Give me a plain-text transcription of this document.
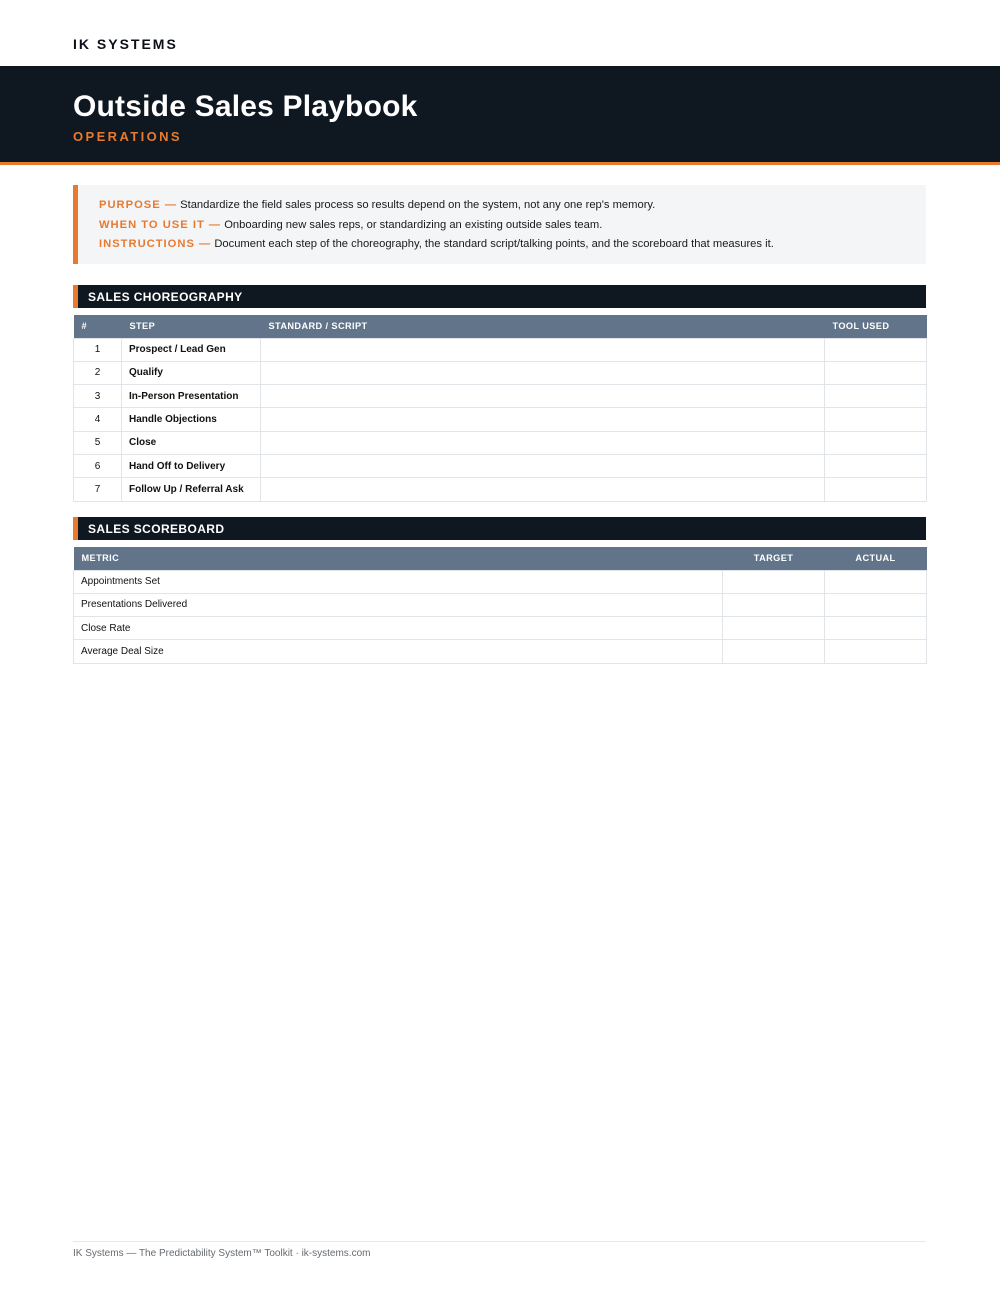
IK SYSTEMS
Outside Sales Playbook
OPERATIONS
PURPOSE — Standardize the field sales process so results depend on the system, not any one rep's memory.
WHEN TO USE IT — Onboarding new sales reps, or standardizing an existing outside sales team.
INSTRUCTIONS — Document each step of the choreography, the standard script/talking points, and the scoreboard that measures it.
SALES CHOREOGRAPHY
#	STEP	STANDARD / SCRIPT	TOOL USED
1	Prospect / Lead Gen		
2	Qualify		
3	In-Person Presentation		
4	Handle Objections		
5	Close		
6	Hand Off to Delivery		
7	Follow Up / Referral Ask		
SALES SCOREBOARD
METRIC	TARGET	ACTUAL
Appointments Set		
Presentations Delivered		
Close Rate		
Average Deal Size		
IK Systems — The Predictability System™ Toolkit · ik-systems.com
